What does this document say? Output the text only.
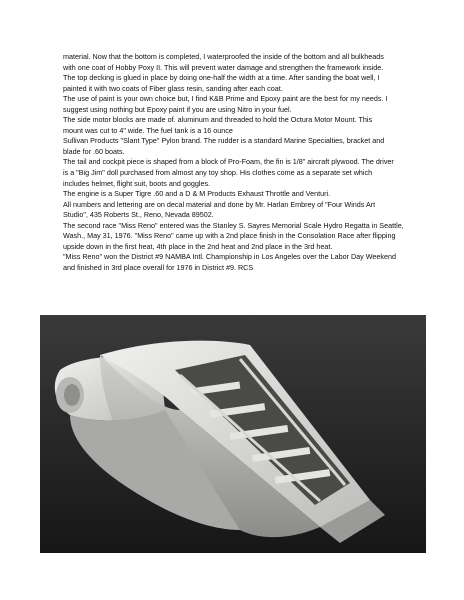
material. Now that the bottom is completed, I waterproofed the inside of the bottom and all bulkheads

with one coat of Hobby Poxy II. This will prevent water damage and strengthen the framework inside.

The top decking is glued in place by doing one-half the width at a time. After sanding the boat well, I

painted it with two coats of Fiber glass resin, sanding after each coat.

The use of paint is your own choice but, I find K&B Prime and Epoxy paint are the best for my needs. I

suggest using nothing but Epoxy paint if you are using Nitro in your fuel.

The side motor blocks are made of. aluminum and threaded to hold the Octura Motor Mount. This

mount was cut to 4" wide. The fuel tank is a 16 ounce

Sullivan Products "Slant Type" Pylon brand. The rudder is a standard Marine Specialties, bracket and

blade for .60 boats.

The tail and cockpit piece is shaped from a block of Pro-Foam, the fin is 1/8" aircraft plywood. The driver

is a "Big Jim" doll purchased from almost any toy shop. His clothes come as a separate set which

includes helmet, flight suit, boots and goggles.

The engine is a Super Tigre .60 and a D & M Products Exhaust Throttle and Venturi.

All numbers and lettering are on decal material and done by Mr. Harlan Embrey of "Four Winds Art

Studio", 435 Roberts St., Reno, Nevada 89502.

The second race "Miss Reno" entered was the Stanley S. Sayres Memorial Scale Hydro Regatta in Seattle,

Wash., May 31, 1976. "Miss Reno" came up with a 2nd place finish in the Consolation Race after flipping

upside down in the first heat, 4th place in the 2nd heat and 2nd place in the 3rd heat.

"Miss Reno" won the District #9 NAMBA Intl. Championship in Los Angeles over the Labor Day Weekend

and finished in 3rd place overall for 1976 in District #9. RCS
